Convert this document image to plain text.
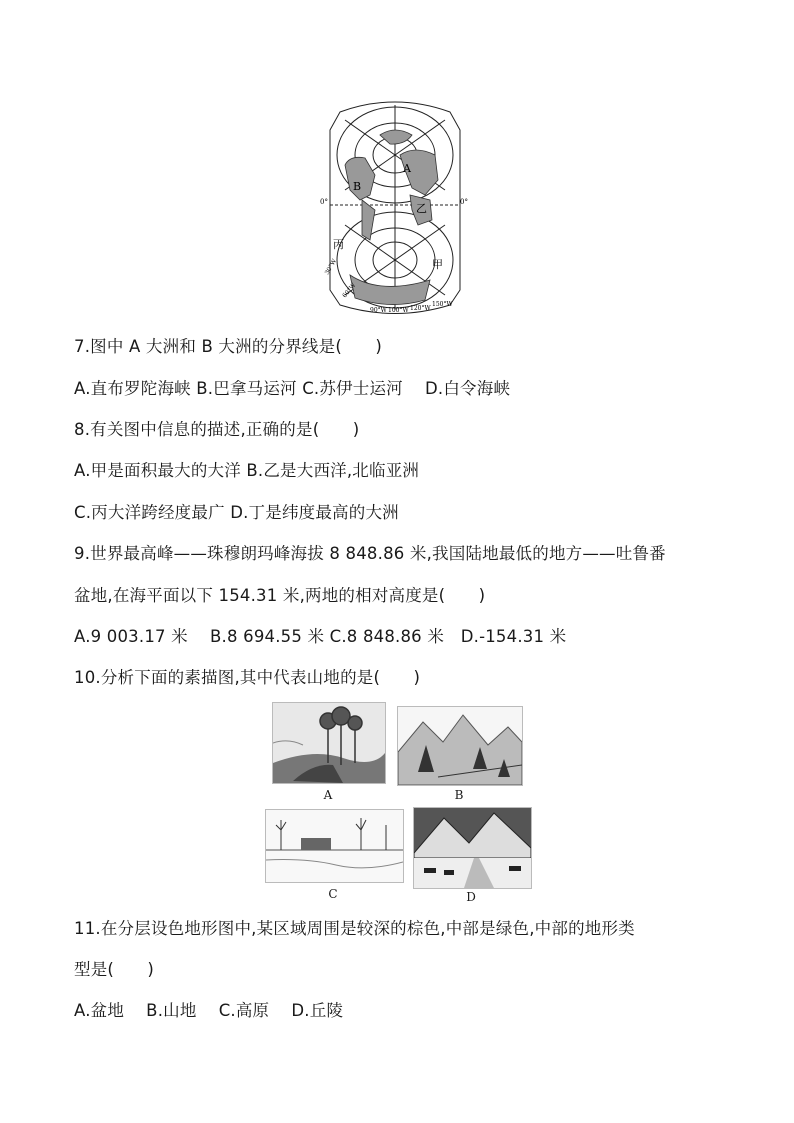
A
B
乙
丙
甲
0°	0°
30°W
60°W
90°W 100°W 120°W
150°W
7.图中 A 大洲和 B 大洲的分界线是(　　)
A.直布罗陀海峡 B.巴拿马运河 C.苏伊士运河　 D.白令海峡
8.有关图中信息的描述,正确的是(　　)
A.甲是面积最大的大洋 B.乙是大西洋,北临亚洲
C.丙大洋跨经度最广 D.丁是纬度最高的大洲
9.世界最高峰——珠穆朗玛峰海拔 8 848.86 米,我国陆地最低的地方——吐鲁番
盆地,在海平面以下 154.31 米,两地的相对高度是(　　)
A.9 003.17 米　 B.8 694.55 米 C.8 848.86 米　D.-154.31 米
10.分析下面的素描图,其中代表山地的是(　　)
A	B
C	D
11.在分层设色地形图中,某区域周围是较深的棕色,中部是绿色,中部的地形类
型是(　　)
A.盆地　 B.山地　 C.高原　 D.丘陵
